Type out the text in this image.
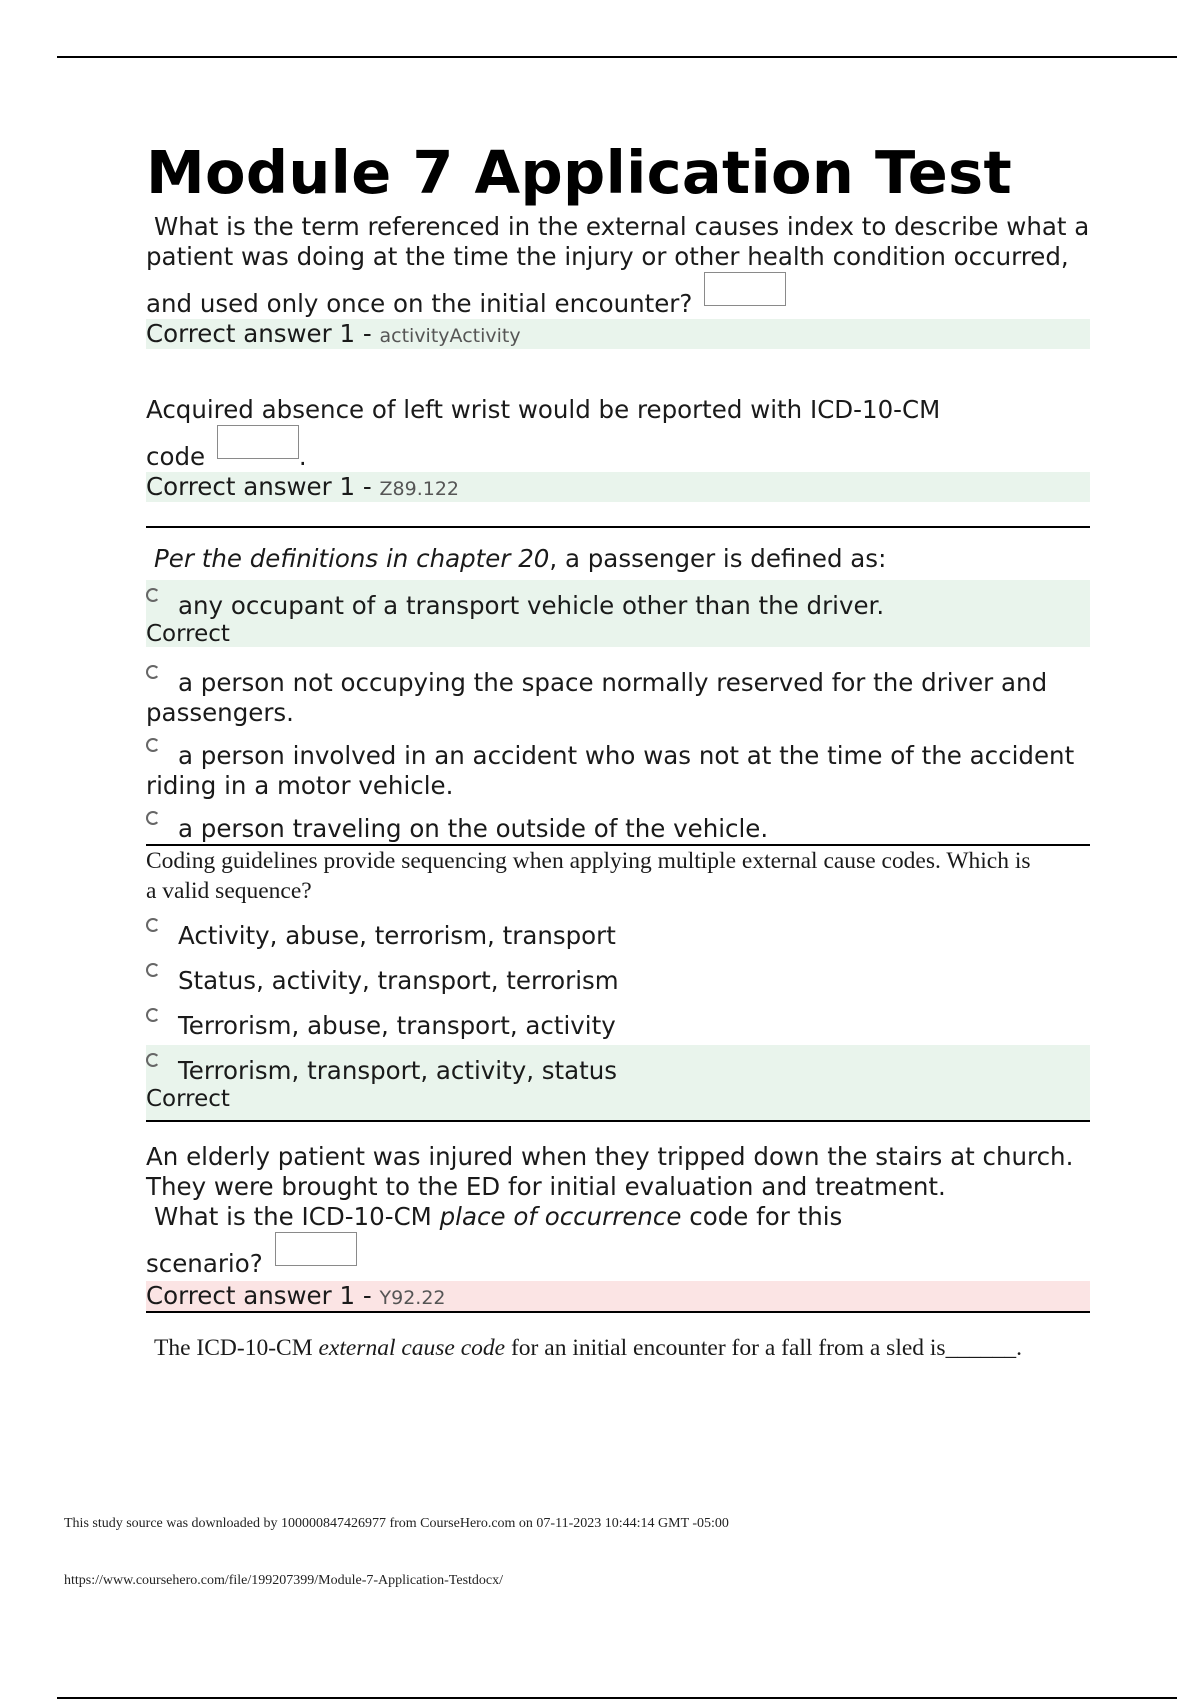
Module 7 Application Test

What is the term referenced in the external causes index to describe what a patient was doing at the time the injury or other health condition occurred, and used only once on the initial encounter?

Correct answer 1 - activityActivity

Acquired absence of left wrist would be reported with ICD-10-CM code	.

Correct answer 1 - Z89.122

Per the definitions in chapter 20, a passenger is defined as:

any occupant of a transport vehicle other than the driver.
Correct
a person not occupying the space normally reserved for the driver and passengers.
a person involved in an accident who was not at the time of the accident riding in a motor vehicle.
a person traveling on the outside of the vehicle.

Coding guidelines provide sequencing when applying multiple external cause codes. Which is a valid sequence?

Activity, abuse, terrorism, transport
Status, activity, transport, terrorism
Terrorism, abuse, transport, activity
Terrorism, transport, activity, status
Correct

An elderly patient was injured when they tripped down the stairs at church. They were brought to the ED for initial evaluation and treatment.

What is the ICD-10-CM place of occurrence code for this scenario?

Correct answer 1 - Y92.22

The ICD-10-CM external cause code for an initial encounter for a fall from a sled is______.

This study source was downloaded by 100000847426977 from CourseHero.com on 07-11-2023 10:44:14 GMT -05:00
https://www.coursehero.com/file/199207399/Module-7-Application-Testdocx/
